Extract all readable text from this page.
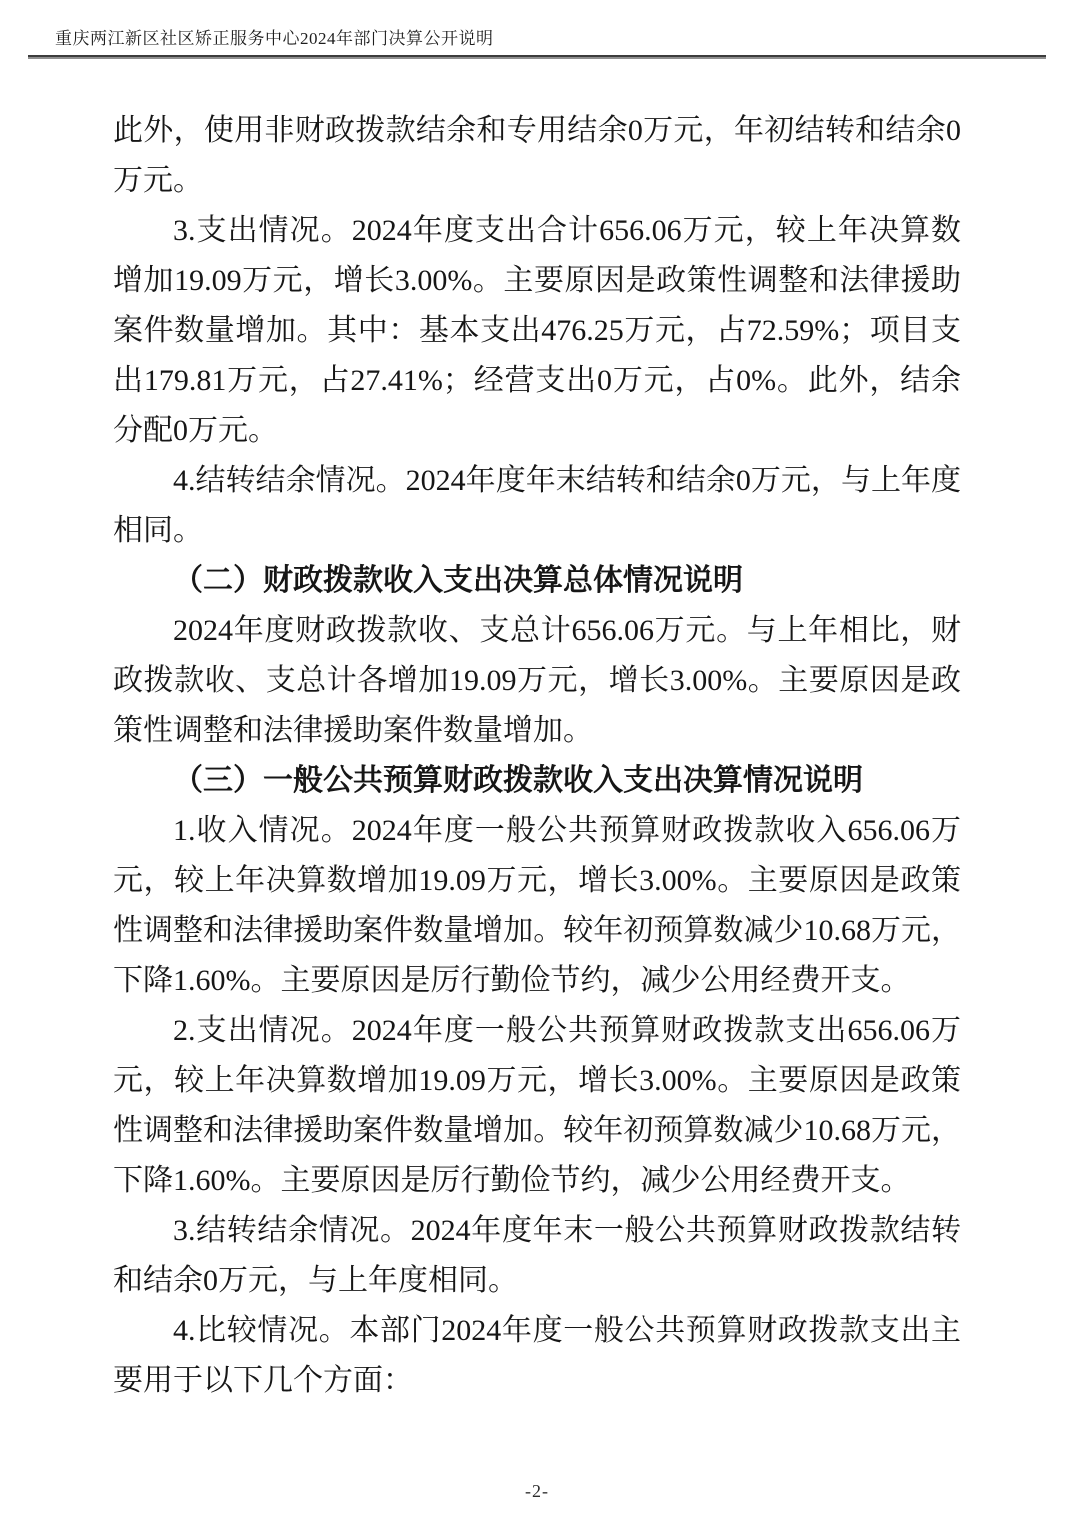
重庆两江新区社区矫正服务中心2024年部门决算公开说明

此外，使用非财政拨款结余和专用结余0万元，年初结转和结余0万元。

3.支出情况。2024年度支出合计656.06万元，较上年决算数增加19.09万元，增长3.00%。主要原因是政策性调整和法律援助案件数量增加。其中：基本支出476.25万元，占72.59%；项目支出179.81万元，占27.41%；经营支出0万元，占0%。此外，结余分配0万元。

4.结转结余情况。2024年度年末结转和结余0万元，与上年度相同。

（二）财政拨款收入支出决算总体情况说明

2024年度财政拨款收、支总计656.06万元。与上年相比，财政拨款收、支总计各增加19.09万元，增长3.00%。主要原因是政策性调整和法律援助案件数量增加。

（三）一般公共预算财政拨款收入支出决算情况说明

1.收入情况。2024年度一般公共预算财政拨款收入656.06万元，较上年决算数增加19.09万元，增长3.00%。主要原因是政策性调整和法律援助案件数量增加。较年初预算数减少10.68万元，下降1.60%。主要原因是厉行勤俭节约，减少公用经费开支。

2.支出情况。2024年度一般公共预算财政拨款支出656.06万元，较上年决算数增加19.09万元，增长3.00%。主要原因是政策性调整和法律援助案件数量增加。较年初预算数减少10.68万元，下降1.60%。主要原因是厉行勤俭节约，减少公用经费开支。

3.结转结余情况。2024年度年末一般公共预算财政拨款结转和结余0万元，与上年度相同。

4.比较情况。本部门2024年度一般公共预算财政拨款支出主要用于以下几个方面：

-2-
